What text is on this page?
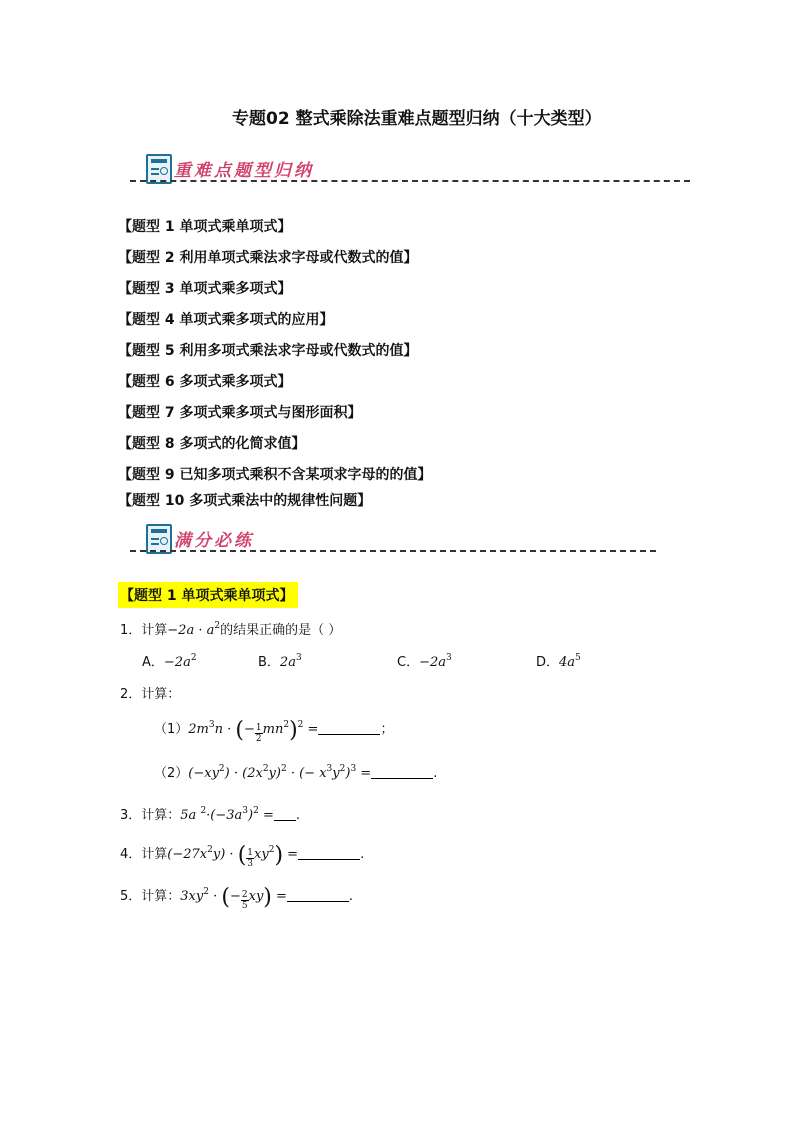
专题02 整式乘除法重难点题型归纳（十大类型）
重难点题型归纳
【题型 1 单项式乘单项式】
【题型 2 利用单项式乘法求字母或代数式的值】
【题型 3 单项式乘多项式】
【题型 4 单项式乘多项式的应用】
【题型 5 利用多项式乘法求字母或代数式的值】
【题型 6 多项式乘多项式】
【题型 7 多项式乘多项式与图形面积】
【题型 8 多项式的化简求值】
【题型 9 已知多项式乘积不含某项求字母的的值】
【题型 10 多项式乘法中的规律性问题】
满分必练
【题型 1 单项式乘单项式】
1．计算$-2a \cdot a^2$的结果正确的是（ ）
A．$-2a^2$	B．$2a^3$	C．$-2a^3$	D．$4a^5$
2．计算：
$(1)2m^3n$ · (− $\frac{1}{2} mn^2)^2$ =	；
$(2)(-xy^2) \cdot (2x^2y)^2$ · (− $x^3y^2)^3$ =	.
3．计算：5a $^2\cdot(-3a^3)^2$ = .
4．计算$(-27x^2y)$ · ( $\frac{1}{3} xy^2$) =	.
5．计算：$3xy^2$ · (− $\frac{2}{5} xy$) =	.
